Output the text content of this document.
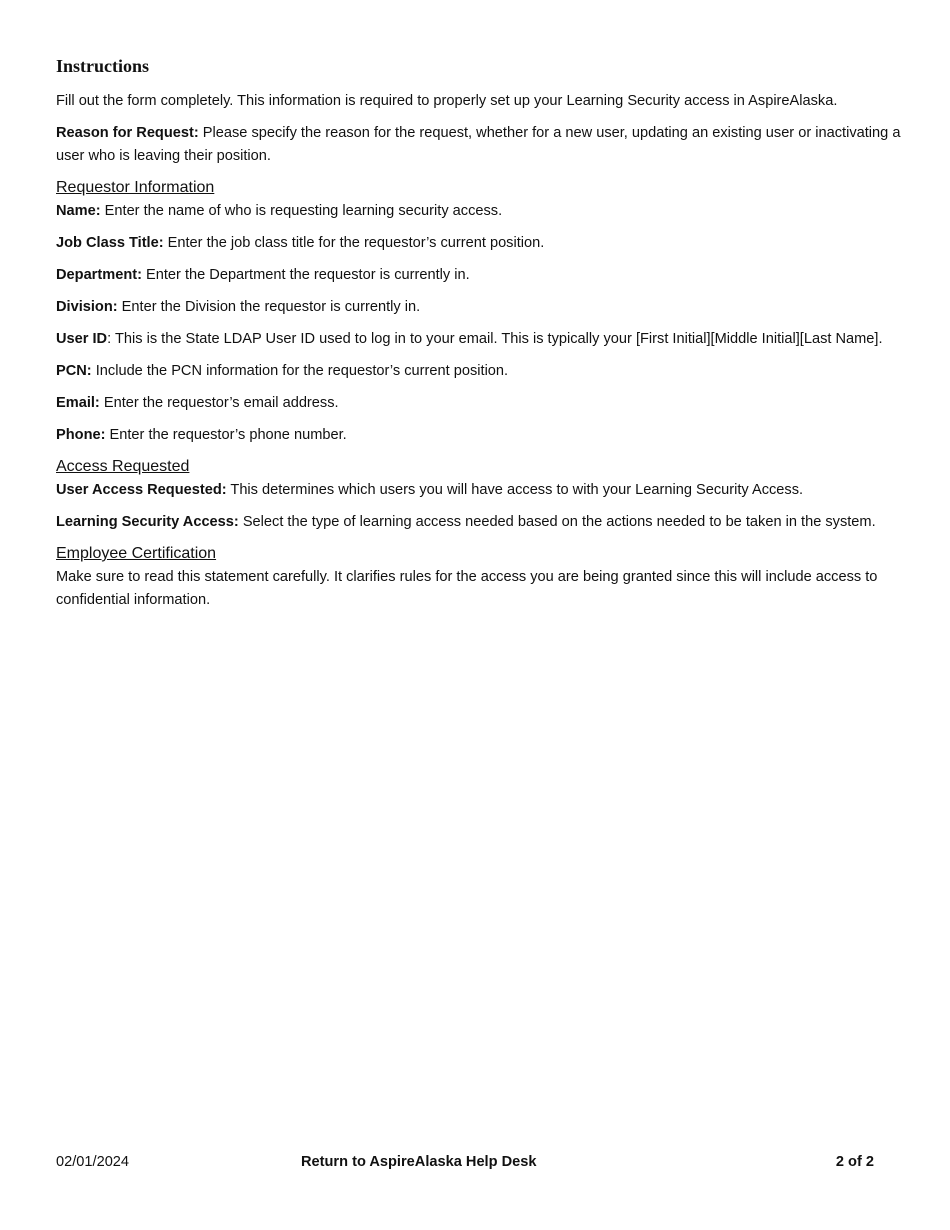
Instructions

Fill out the form completely. This information is required to properly set up your Learning Security access in AspireAlaska.

Reason for Request: Please specify the reason for the request, whether for a new user, updating an existing user or inactivating a user who is leaving their position.

Requestor Information

Name: Enter the name of who is requesting learning security access.

Job Class Title: Enter the job class title for the requestor’s current position.

Department: Enter the Department the requestor is currently in.

Division: Enter the Division the requestor is currently in.

User ID: This is the State LDAP User ID used to log in to your email. This is typically your [First Initial][Middle Initial][Last Name].

PCN: Include the PCN information for the requestor’s current position.

Email: Enter the requestor’s email address.

Phone: Enter the requestor’s phone number.

Access Requested

User Access Requested: This determines which users you will have access to with your Learning Security Access.

Learning Security Access: Select the type of learning access needed based on the actions needed to be taken in the system.

Employee Certification

Make sure to read this statement carefully. It clarifies rules for the access you are being granted since this will include access to confidential information.

02/01/2024	Return to AspireAlaska Help Desk	2 of 2
